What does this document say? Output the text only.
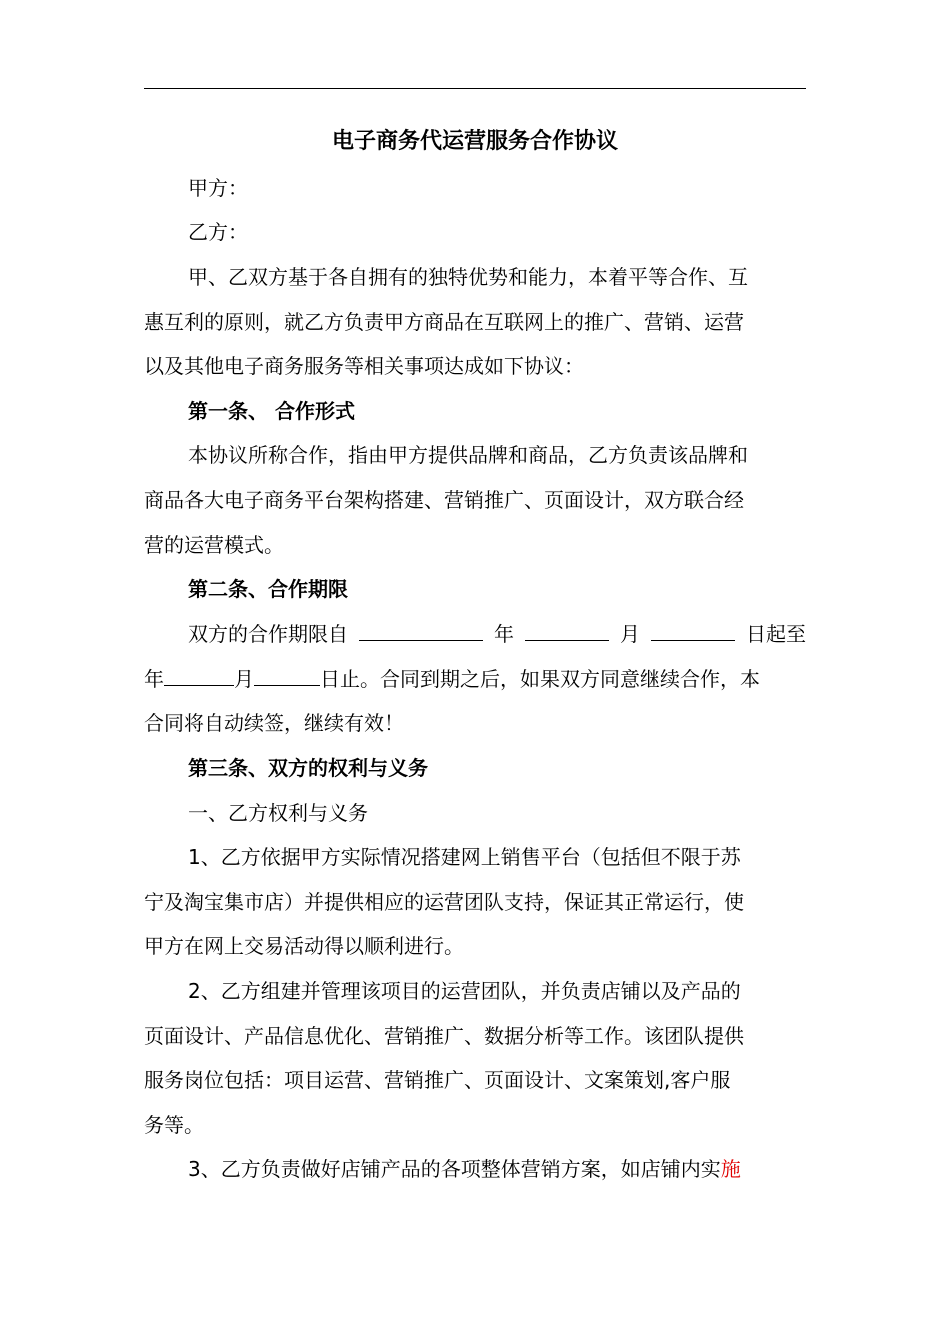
电子商务代运营服务合作协议
甲方：
乙方：
甲、乙双方基于各自拥有的独特优势和能力，本着平等合作、互
惠互利的原则，就乙方负责甲方商品在互联网上的推广、营销、运营
以及其他电子商务服务等相关事项达成如下协议：
第一条、 合作形式
本协议所称合作，指由甲方提供品牌和商品，乙方负责该品牌和
商品各大电子商务平台架构搭建、营销推广、页面设计，双方联合经
营的运营模式。
第二条、合作期限
双方的合作期限自	年	月	日起至
年	月	日止。合同到期之后，如果双方同意继续合作，本
合同将自动续签，继续有效！
第三条、双方的权利与义务
一、乙方权利与义务
1、乙方依据甲方实际情况搭建网上销售平台（包括但不限于苏
宁及淘宝集市店）并提供相应的运营团队支持，保证其正常运行，使
甲方在网上交易活动得以顺利进行。
2、乙方组建并管理该项目的运营团队，并负责店铺以及产品的
页面设计、产品信息优化、营销推广、数据分析等工作。该团队提供
服务岗位包括：项目运营、营销推广、页面设计、文案策划,客户服
务等。
3、乙方负责做好店铺产品的各项整体营销方案，如店铺内实施
